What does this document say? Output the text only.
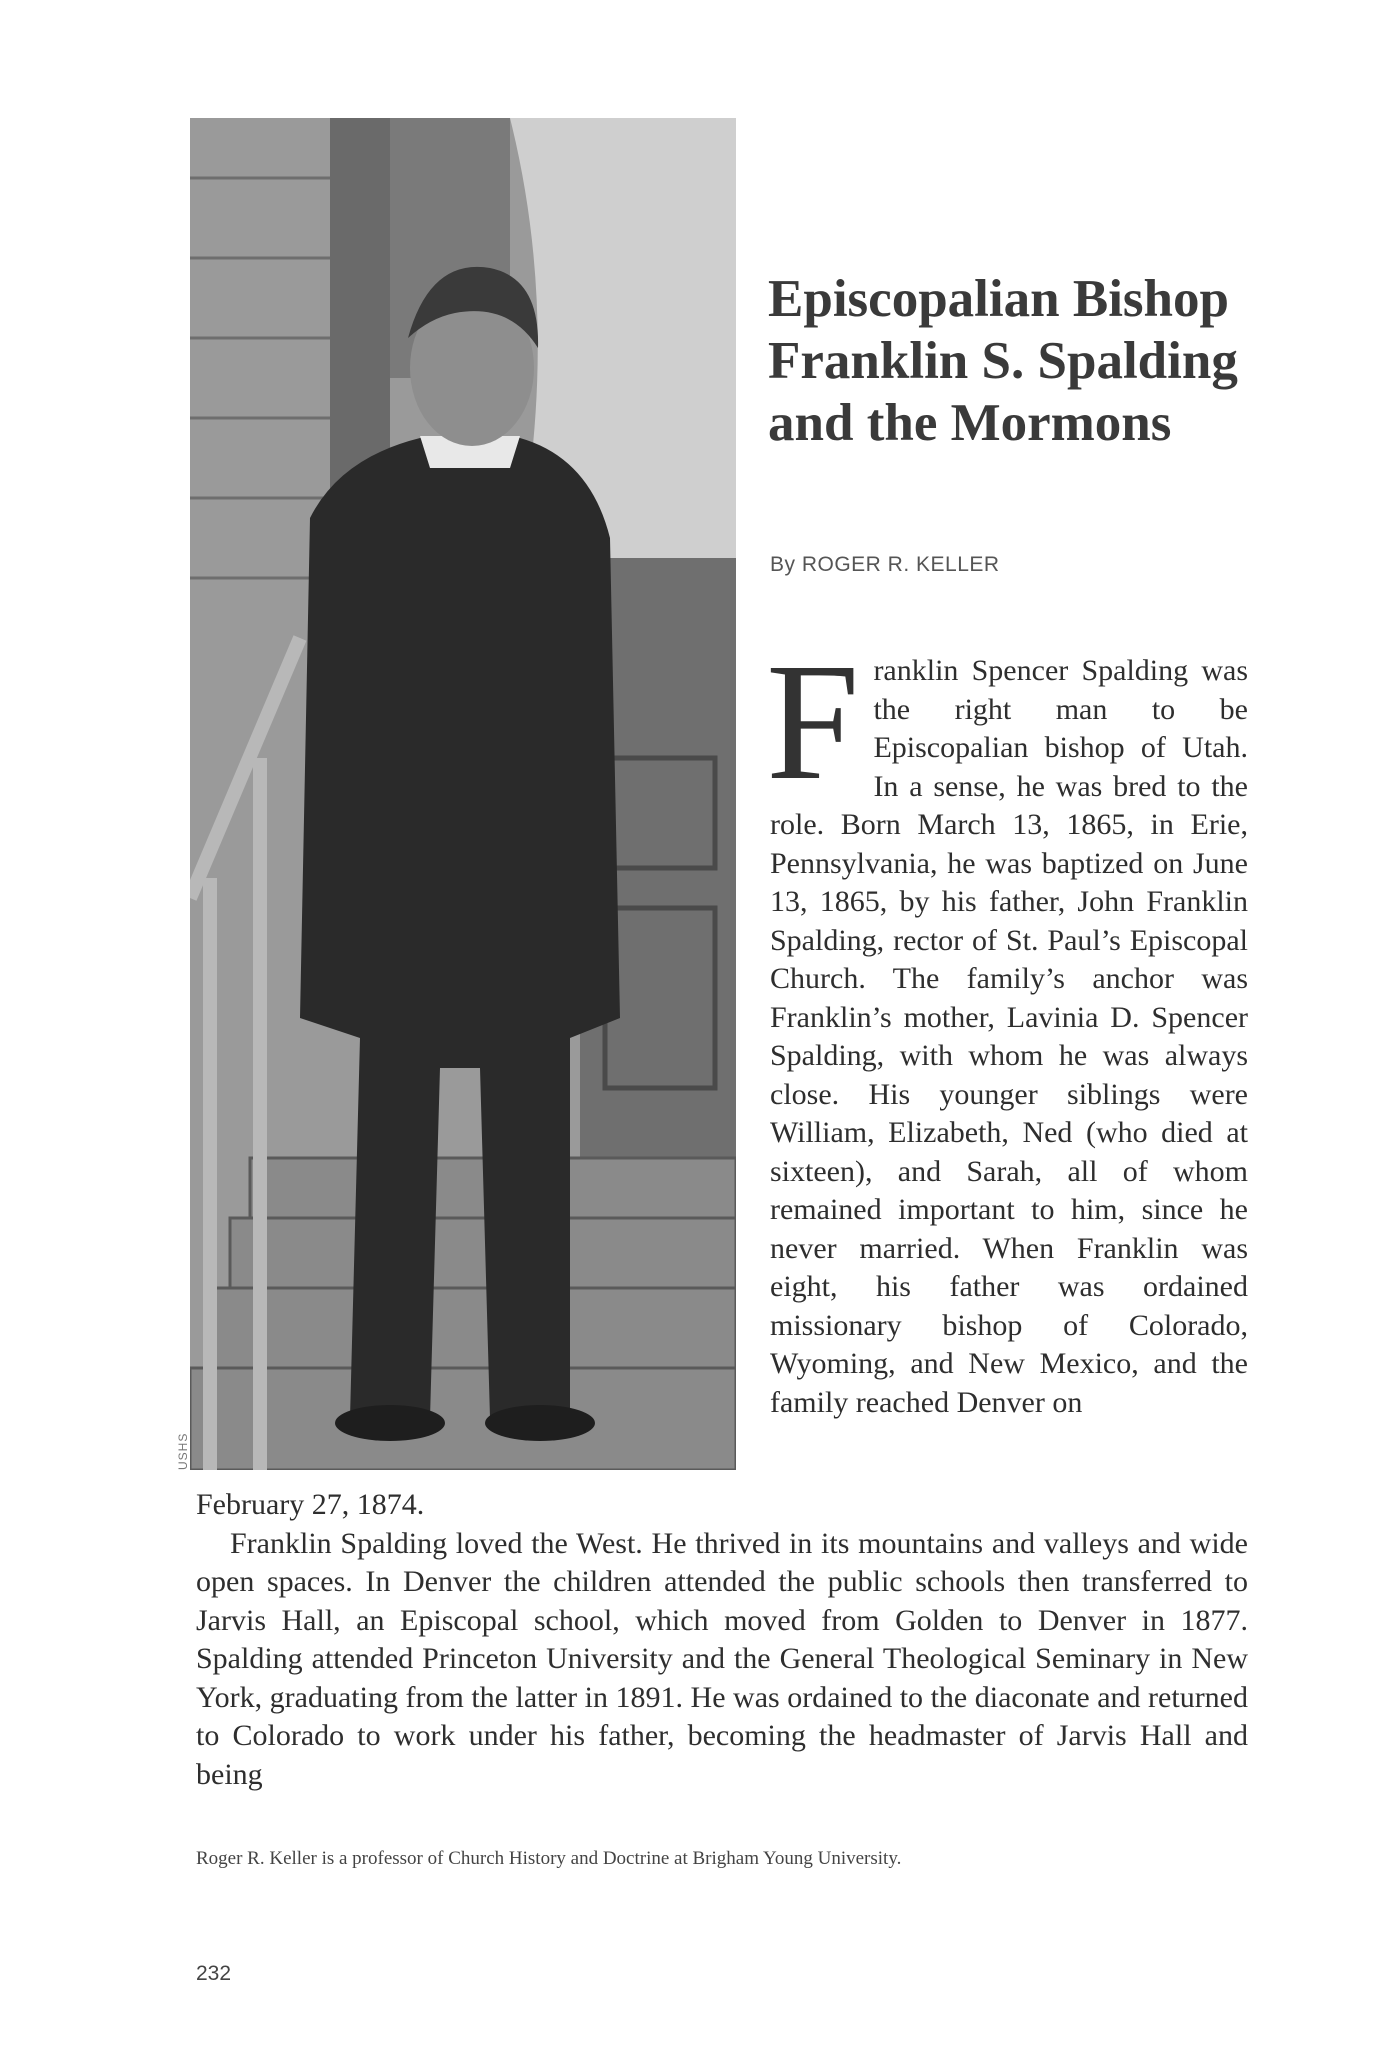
USHS
Episcopalian Bishop Franklin S. Spalding and the Mormons
By ROGER R. KELLER
Franklin Spencer Spalding was the right man to be Episcopalian bishop of Utah. In a sense, he was bred to the role. Born March 13, 1865, in Erie, Pennsylvania, he was baptized on June 13, 1865, by his father, John Franklin Spalding, rector of St. Paul’s Episcopal Church. The family’s anchor was Franklin’s mother, Lavinia D. Spencer Spalding, with whom he was always close. His younger siblings were William, Elizabeth, Ned (who died at sixteen), and Sarah, all of whom remained important to him, since he never married. When Franklin was eight, his father was ordained missionary bishop of Colorado, Wyoming, and New Mexico, and the family reached Denver on

February 27, 1874.

Franklin Spalding loved the West. He thrived in its mountains and valleys and wide open spaces. In Denver the children attended the public schools then transferred to Jarvis Hall, an Episcopal school, which moved from Golden to Denver in 1877. Spalding attended Princeton University and the General Theological Seminary in New York, graduating from the latter in 1891. He was ordained to the diaconate and returned to Colorado to work under his father, becoming the headmaster of Jarvis Hall and being

Roger R. Keller is a professor of Church History and Doctrine at Brigham Young University.
232
